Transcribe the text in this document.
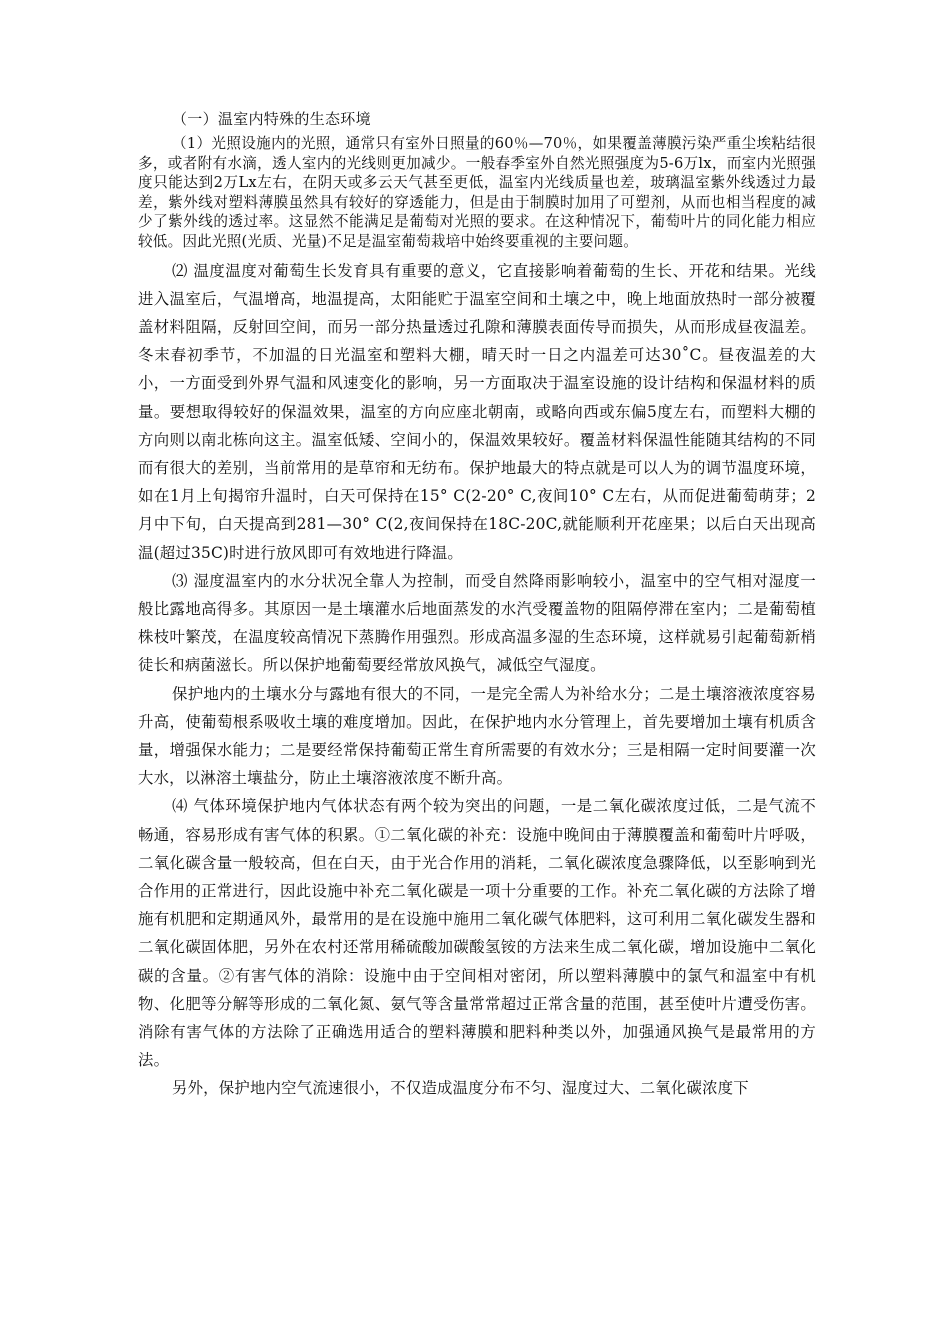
（一）温室内特殊的生态环境

（1）光照设施内的光照，通常只有室外日照量的60％—70％，如果覆盖薄膜污染严重尘埃粘结很多，或者附有水滴，透人室内的光线则更加减少。一般春季室外自然光照强度为5-6万lx，而室内光照强度只能达到2万Lx左右，在阴天或多云天气甚至更低，温室内光线质量也差，玻璃温室紫外线透过力最差，紫外线对塑料薄膜虽然具有较好的穿透能力，但是由于制膜时加用了可塑剂，从而也相当程度的减少了紫外线的透过率。这显然不能满足是葡萄对光照的要求。在这种情况下，葡萄叶片的同化能力相应较低。因此光照(光质、光量)不足是温室葡萄栽培中始终要重视的主要问题。

⑵ 温度温度对葡萄生长发育具有重要的意义，它直接影响着葡萄的生长、开花和结果。光线进入温室后，气温增高，地温提高，太阳能贮于温室空间和土壤之中，晚上地面放热时一部分被覆盖材料阻隔，反射回空间，而另一部分热量透过孔隙和薄膜表面传导而损失，从而形成昼夜温差。冬末春初季节，不加温的日光温室和塑料大棚，晴天时一日之内温差可达30˚C。昼夜温差的大小，一方面受到外界气温和风速变化的影响，另一方面取决于温室设施的设计结构和保温材料的质量。要想取得较好的保温效果，温室的方向应座北朝南，或略向西或东偏5度左右，而塑料大棚的方向则以南北栋向这主。温室低矮、空间小的，保温效果较好。覆盖材料保温性能随其结构的不同而有很大的差别，当前常用的是草帘和无纺布。保护地最大的特点就是可以人为的调节温度环境，如在1月上旬揭帘升温时，白天可保持在15° C(2-20° C,夜间10° C左右，从而促进葡萄萌芽；2月中下旬，白天提高到281—30° C(2,夜间保持在18C-20C,就能顺利开花座果；以后白天出现高温(超过35C)时进行放风即可有效地进行降温。

⑶ 湿度温室内的水分状况全靠人为控制，而受自然降雨影响较小，温室中的空气相对湿度一般比露地高得多。其原因一是土壤灌水后地面蒸发的水汽受覆盖物的阻隔停滞在室内；二是葡萄植株枝叶繁茂，在温度较高情况下蒸腾作用强烈。形成高温多湿的生态环境，这样就易引起葡萄新梢徒长和病菌滋长。所以保护地葡萄要经常放风换气，减低空气湿度。

保护地内的土壤水分与露地有很大的不同，一是完全需人为补给水分；二是土壤溶液浓度容易升高，使葡萄根系吸收土壤的难度增加。因此，在保护地内水分管理上，首先要增加土壤有机质含量，增强保水能力；二是要经常保持葡萄正常生育所需要的有效水分；三是相隔一定时间要灌一次大水，以淋溶土壤盐分，防止土壤溶液浓度不断升高。

⑷ 气体环境保护地内气体状态有两个较为突出的问题，一是二氧化碳浓度过低，二是气流不畅通，容易形成有害气体的积累。①二氧化碳的补充：设施中晚间由于薄膜覆盖和葡萄叶片呼吸，二氧化碳含量一般较高，但在白天，由于光合作用的消耗，二氧化碳浓度急骤降低，以至影响到光合作用的正常进行，因此设施中补充二氧化碳是一项十分重要的工作。补充二氧化碳的方法除了增施有机肥和定期通风外，最常用的是在设施中施用二氧化碳气体肥料，这可利用二氧化碳发生器和二氧化碳固体肥，另外在农村还常用稀硫酸加碳酸氢铵的方法来生成二氧化碳，增加设施中二氧化碳的含量。②有害气体的消除：设施中由于空间相对密闭，所以塑料薄膜中的氯气和温室中有机物、化肥等分解等形成的二氧化氮、氨气等含量常常超过正常含量的范围，甚至使叶片遭受伤害。消除有害气体的方法除了正确选用适合的塑料薄膜和肥料种类以外，加强通风换气是最常用的方法。

另外，保护地内空气流速很小，不仅造成温度分布不匀、湿度过大、二氧化碳浓度下
